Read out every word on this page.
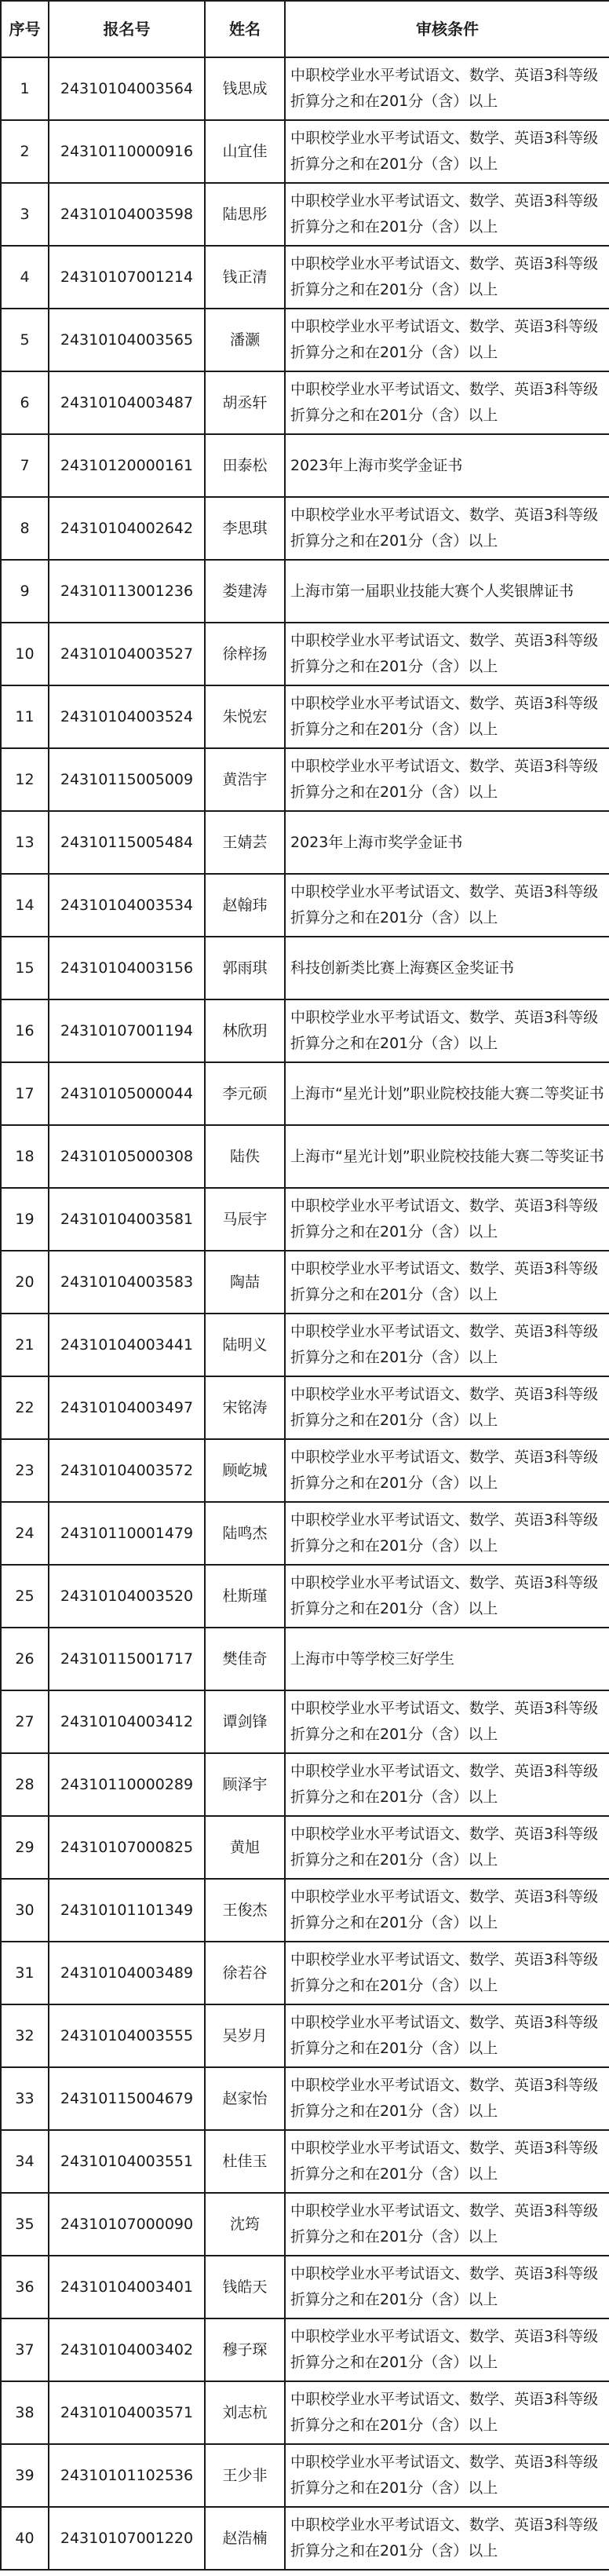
序号	报名号	姓名	审核条件
1	24310104003564	钱思成	中职校学业水平考试语文、数学、英语3科等级折算分之和在201分（含）以上
2	24310110000916	山宜佳	中职校学业水平考试语文、数学、英语3科等级折算分之和在201分（含）以上
3	24310104003598	陆思彤	中职校学业水平考试语文、数学、英语3科等级折算分之和在201分（含）以上
4	24310107001214	钱正清	中职校学业水平考试语文、数学、英语3科等级折算分之和在201分（含）以上
5	24310104003565	潘灏	中职校学业水平考试语文、数学、英语3科等级折算分之和在201分（含）以上
6	24310104003487	胡丞轩	中职校学业水平考试语文、数学、英语3科等级折算分之和在201分（含）以上
7	24310120000161	田泰松	2023年上海市奖学金证书
8	24310104002642	李思琪	中职校学业水平考试语文、数学、英语3科等级折算分之和在201分（含）以上
9	24310113001236	娄建涛	上海市第一届职业技能大赛个人奖银牌证书
10	24310104003527	徐梓扬	中职校学业水平考试语文、数学、英语3科等级折算分之和在201分（含）以上
11	24310104003524	朱悦宏	中职校学业水平考试语文、数学、英语3科等级折算分之和在201分（含）以上
12	24310115005009	黄浩宇	中职校学业水平考试语文、数学、英语3科等级折算分之和在201分（含）以上
13	24310115005484	王婧芸	2023年上海市奖学金证书
14	24310104003534	赵翰玮	中职校学业水平考试语文、数学、英语3科等级折算分之和在201分（含）以上
15	24310104003156	郭雨琪	科技创新类比赛上海赛区金奖证书
16	24310107001194	林欣玥	中职校学业水平考试语文、数学、英语3科等级折算分之和在201分（含）以上
17	24310105000044	李元硕	上海市“星光计划”职业院校技能大赛二等奖证书
18	24310105000308	陆佚	上海市“星光计划”职业院校技能大赛二等奖证书
19	24310104003581	马辰宇	中职校学业水平考试语文、数学、英语3科等级折算分之和在201分（含）以上
20	24310104003583	陶喆	中职校学业水平考试语文、数学、英语3科等级折算分之和在201分（含）以上
21	24310104003441	陆明义	中职校学业水平考试语文、数学、英语3科等级折算分之和在201分（含）以上
22	24310104003497	宋铭涛	中职校学业水平考试语文、数学、英语3科等级折算分之和在201分（含）以上
23	24310104003572	顾屹城	中职校学业水平考试语文、数学、英语3科等级折算分之和在201分（含）以上
24	24310110001479	陆鸣杰	中职校学业水平考试语文、数学、英语3科等级折算分之和在201分（含）以上
25	24310104003520	杜斯瑾	中职校学业水平考试语文、数学、英语3科等级折算分之和在201分（含）以上
26	24310115001717	樊佳奇	上海市中等学校三好学生
27	24310104003412	谭剑锋	中职校学业水平考试语文、数学、英语3科等级折算分之和在201分（含）以上
28	24310110000289	顾泽宇	中职校学业水平考试语文、数学、英语3科等级折算分之和在201分（含）以上
29	24310107000825	黄旭	中职校学业水平考试语文、数学、英语3科等级折算分之和在201分（含）以上
30	24310101101349	王俊杰	中职校学业水平考试语文、数学、英语3科等级折算分之和在201分（含）以上
31	24310104003489	徐若谷	中职校学业水平考试语文、数学、英语3科等级折算分之和在201分（含）以上
32	24310104003555	吴岁月	中职校学业水平考试语文、数学、英语3科等级折算分之和在201分（含）以上
33	24310115004679	赵家怡	中职校学业水平考试语文、数学、英语3科等级折算分之和在201分（含）以上
34	24310104003551	杜佳玉	中职校学业水平考试语文、数学、英语3科等级折算分之和在201分（含）以上
35	24310107000090	沈筠	中职校学业水平考试语文、数学、英语3科等级折算分之和在201分（含）以上
36	24310104003401	钱皓天	中职校学业水平考试语文、数学、英语3科等级折算分之和在201分（含）以上
37	24310104003402	穆子琛	中职校学业水平考试语文、数学、英语3科等级折算分之和在201分（含）以上
38	24310104003571	刘志杭	中职校学业水平考试语文、数学、英语3科等级折算分之和在201分（含）以上
39	24310101102536	王少非	中职校学业水平考试语文、数学、英语3科等级折算分之和在201分（含）以上
40	24310107001220	赵浩楠	中职校学业水平考试语文、数学、英语3科等级折算分之和在201分（含）以上
